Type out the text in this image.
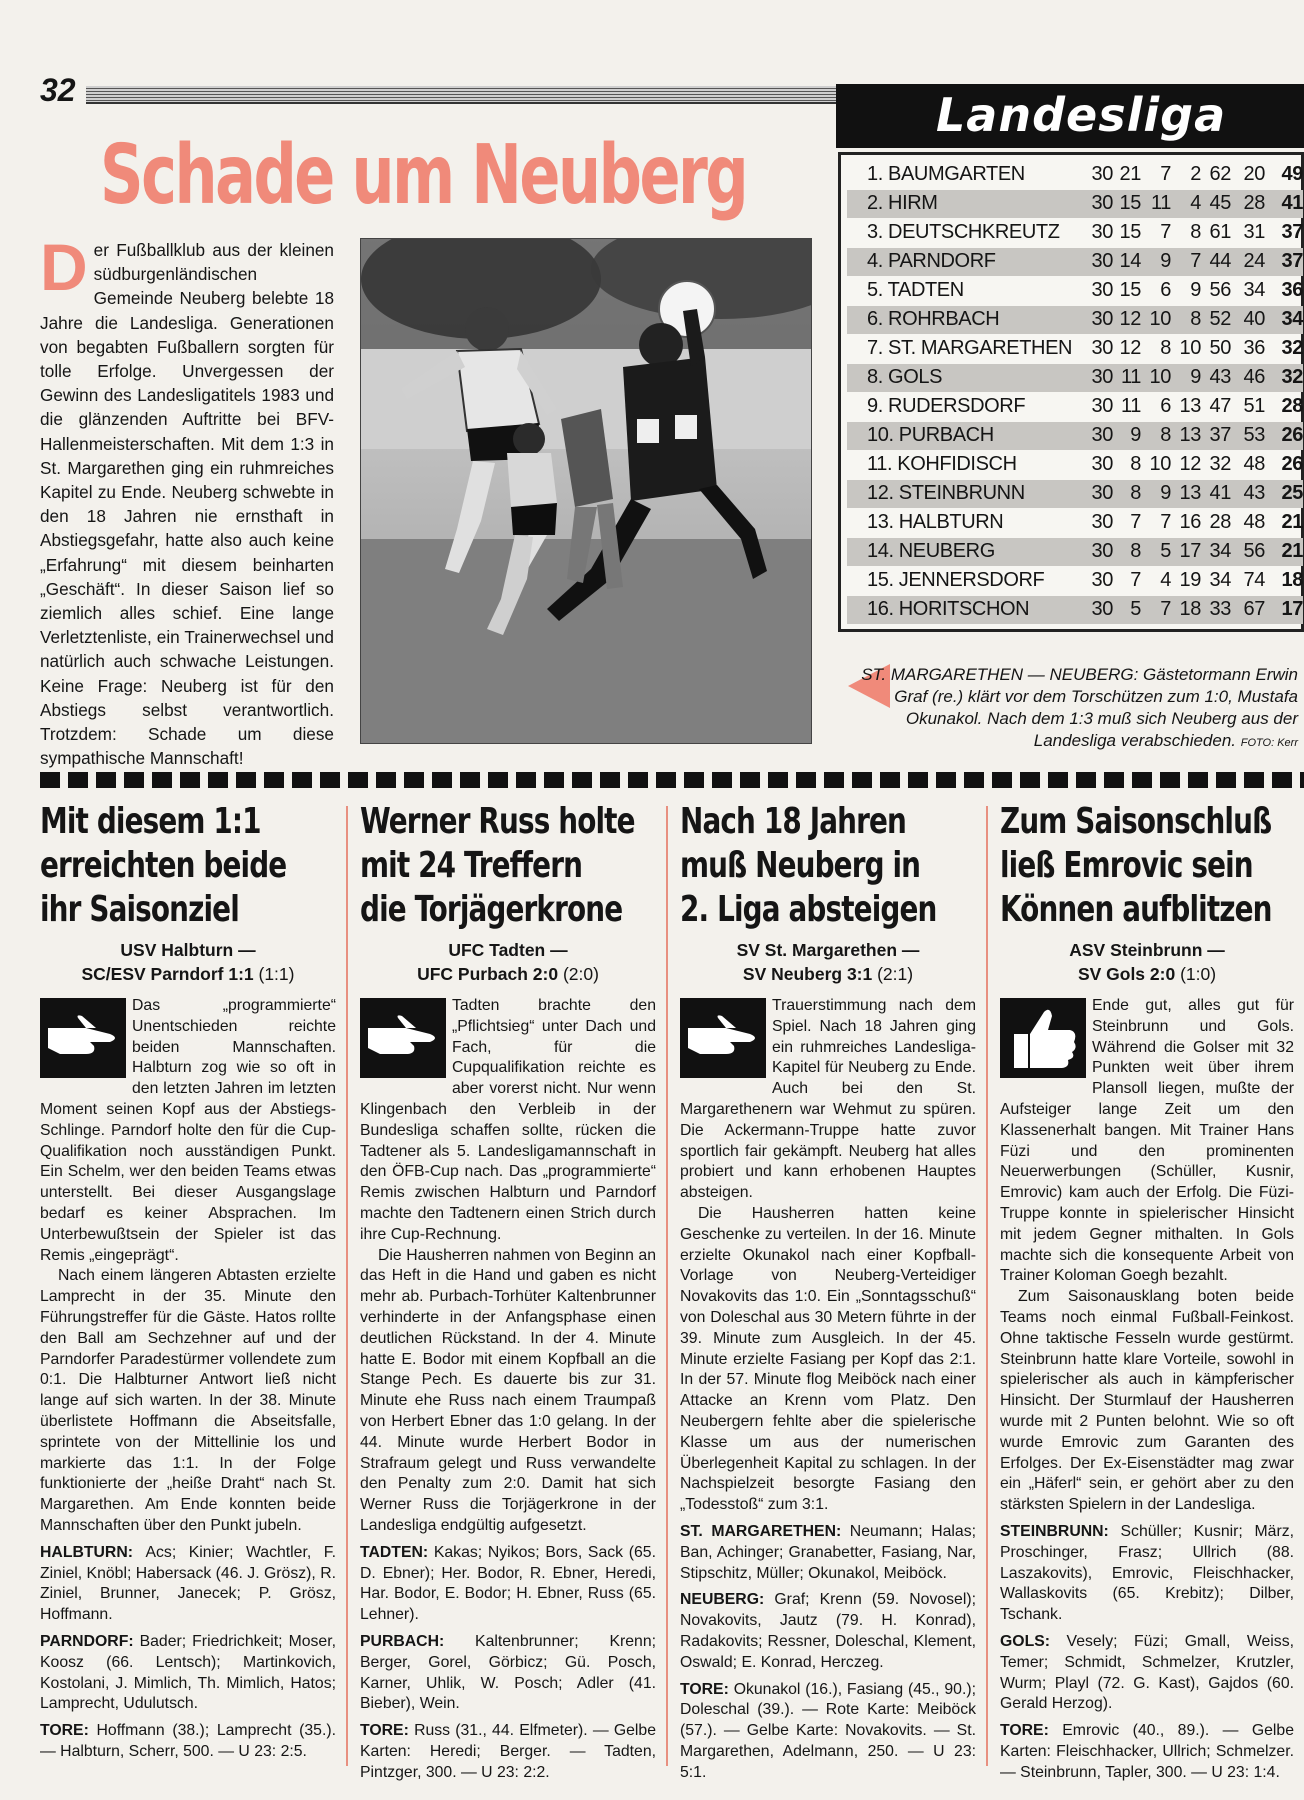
32	Landesliga
Schade um Neuberg
D er Fußballklub aus der kleinen südburgenländischen Gemeinde Neuberg belebte 18 Jahre die Landesliga. Generationen von begabten Fußballern sorgten für tolle Erfolge. Unvergessen der Gewinn des Landesligatitels 1983 und die glänzenden Auftritte bei BFV-Hallenmeisterschaften. Mit dem 1:3 in St. Margarethen ging ein ruhmreiches Kapitel zu Ende. Neuberg schwebte in den 18 Jahren nie ernsthaft in Abstiegsgefahr, hatte also auch keine „Erfahrung“ mit diesem beinharten „Geschäft“. In dieser Saison lief so ziemlich alles schief. Eine lange Verletztenliste, ein Trainerwechsel und natürlich auch schwache Leistungen. Keine Frage: Neuberg ist für den Abstiegs selbst verantwortlich. Trotzdem: Schade um diese sympathische Mannschaft!
1. BAUMGARTEN	30 21 7 2 62 20 49
2. HIRM	30 15 11 4 45 28 41
3. DEUTSCHKREUTZ 30 15 7 8 61 31 37
4. PARNDORF	30 14 9 7 44 24 37
5. TADTEN	30 15 6 9 56 34 36
6. ROHRBACH	30 12 10 8 52 40 34
7. ST. MARGARETHEN 30 12 8 10 50 36 32
8. GOLS	30 11 10 9 43 46 32
9. RUDERSDORF	30 11 6 13 47 51 28
10. PURBACH	30 9 8 13 37 53 26
11. KOHFIDISCH	30 8 10 12 32 48 26
12. STEINBRUNN	30 8 9 13 41 43 25
13. HALBTURN	30 7 7 16 28 48 21
14. NEUBERG	30 8 5 17 34 56 21
15. JENNERSDORF 30 7 4 19 34 74 18
16. HORITSCHON	30 5 7 18 33 67 17
ST. MARGARETHEN — NEUBERG: Gästetormann Erwin Graf (re.) klärt vor dem Torschützen zum 1:0, Mustafa Okunakol. Nach dem 1:3 muß sich Neuberg aus der Landesliga verabschieden. FOTO: Kerr
Mit diesem 1:1
erreichten beide
ihr Saisonziel
USV Halbturn —
SC/ESV Parndorf 1:1 (1:1)

Das „programmierte“ Unentschieden reichte beiden Mannschaften. Halbturn zog wie so oft in den letzten Jahren im letzten Moment seinen Kopf aus der Abstiegs-Schlinge. Parndorf holte den für die Cup-Qualifikation noch ausständigen Punkt. Ein Schelm, wer den beiden Teams etwas unterstellt. Bei dieser Ausgangslage bedarf es keiner Absprachen. Im Unterbewußtsein der Spieler ist das Remis „eingeprägt“.

Nach einem längeren Abtasten erzielte Lamprecht in der 35. Minute den Führungstreffer für die Gäste. Hatos rollte den Ball am Sechzehner auf und der Parndorfer Paradestürmer vollendete zum 0:1. Die Halbturner Antwort ließ nicht lange auf sich warten. In der 38. Minute überlistete Hoffmann die Abseitsfalle, sprintete von der Mittellinie los und markierte das 1:1. In der Folge funktionierte der „heiße Draht“ nach St. Margarethen. Am Ende konnten beide Mannschaften über den Punkt jubeln.

HALBTURN: Acs; Kinier; Wachtler, F. Ziniel, Knöbl; Habersack (46. J. Grösz), R. Ziniel, Brunner, Janecek; P. Grösz, Hoffmann.
PARNDORF: Bader; Friedrichkeit; Moser, Koosz (66. Lentsch); Martinkovich, Kostolani, J. Mimlich, Th. Mimlich, Hatos; Lamprecht, Udulutsch.
TORE: Hoffmann (38.); Lamprecht (35.). — Halbturn, Scherr, 500. — U 23: 2:5.
Werner Russ holte
mit 24 Treffern
die Torjägerkrone
UFC Tadten —
UFC Purbach 2:0 (2:0)

Tadten brachte den „Pflichtsieg“ unter Dach und Fach, für die Cupqualifikation reichte es aber vorerst nicht. Nur wenn Klingenbach den Verbleib in der Bundesliga schaffen sollte, rücken die Tadtener als 5. Landesligamannschaft in den ÖFB-Cup nach. Das „programmierte“ Remis zwischen Halbturn und Parndorf machte den Tadtenern einen Strich durch ihre Cup-Rechnung.

Die Hausherren nahmen von Beginn an das Heft in die Hand und gaben es nicht mehr ab. Purbach-Torhüter Kaltenbrunner verhinderte in der Anfangsphase einen deutlichen Rückstand. In der 4. Minute hatte E. Bodor mit einem Kopfball an die Stange Pech. Es dauerte bis zur 31. Minute ehe Russ nach einem Traumpaß von Herbert Ebner das 1:0 gelang. In der 44. Minute wurde Herbert Bodor in Strafraum gelegt und Russ verwandelte den Penalty zum 2:0. Damit hat sich Werner Russ die Torjägerkrone in der Landesliga endgültig aufgesetzt.

TADTEN: Kakas; Nyikos; Bors, Sack (65. D. Ebner); Her. Bodor, R. Ebner, Heredi, Har. Bodor, E. Bodor; H. Ebner, Russ (65. Lehner).
PURBACH: Kaltenbrunner; Krenn; Berger, Gorel, Görbicz; Gü. Posch, Karner, Uhlik, W. Posch; Adler (41. Bieber), Wein.
TORE: Russ (31., 44. Elfmeter). — Gelbe Karten: Heredi; Berger. — Tadten, Pintzger, 300. — U 23: 2:2.
Nach 18 Jahren
muß Neuberg in
2. Liga absteigen
SV St. Margarethen —
SV Neuberg 3:1 (2:1)

Trauerstimmung nach dem Spiel. Nach 18 Jahren ging ein ruhmreiches Landesliga-Kapitel für Neuberg zu Ende. Auch bei den St. Margarethenern war Wehmut zu spüren. Die Ackermann-Truppe hatte zuvor sportlich fair gekämpft. Neuberg hat alles probiert und kann erhobenen Hauptes absteigen.

Die Hausherren hatten keine Geschenke zu verteilen. In der 16. Minute erzielte Okunakol nach einer Kopfball-Vorlage von Neuberg-Verteidiger Novakovits das 1:0. Ein „Sonntagsschuß“ von Doleschal aus 30 Metern führte in der 39. Minute zum Ausgleich. In der 45. Minute erzielte Fasiang per Kopf das 2:1. In der 57. Minute flog Meiböck nach einer Attacke an Krenn vom Platz. Den Neubergern fehlte aber die spielerische Klasse um aus der numerischen Überlegenheit Kapital zu schlagen. In der Nachspielzeit besorgte Fasiang den „Todesstoß“ zum 3:1.

ST. MARGARETHEN: Neumann; Halas; Ban, Achinger; Granabetter, Fasiang, Nar, Stipschitz, Müller; Okunakol, Meiböck.
NEUBERG: Graf; Krenn (59. Novosel); Novakovits, Jautz (79. H. Konrad), Radakovits; Ressner, Doleschal, Klement, Oswald; E. Konrad, Herczeg.
TORE: Okunakol (16.), Fasiang (45., 90.); Doleschal (39.). — Rote Karte: Meiböck (57.). — Gelbe Karte: Novakovits. — St. Margarethen, Adelmann, 250. — U 23: 5:1.
Zum Saisonschluß
ließ Emrovic sein
Können aufblitzen
ASV Steinbrunn —
SV Gols 2:0 (1:0)

Ende gut, alles gut für Steinbrunn und Gols. Während die Golser mit 32 Punkten weit über ihrem Plansoll liegen, mußte der Aufsteiger lange Zeit um den Klassenerhalt bangen. Mit Trainer Hans Füzi und den prominenten Neuerwerbungen (Schüller, Kusnir, Emrovic) kam auch der Erfolg. Die Füzi-Truppe konnte in spielerischer Hinsicht mit jedem Gegner mithalten. In Gols machte sich die konsequente Arbeit von Trainer Koloman Goegh bezahlt.

Zum Saisonausklang boten beide Teams noch einmal Fußball-Feinkost. Ohne taktische Fesseln wurde gestürmt. Steinbrunn hatte klare Vorteile, sowohl in spielerischer als auch in kämpferischer Hinsicht. Der Sturmlauf der Hausherren wurde mit 2 Punten belohnt. Wie so oft wurde Emrovic zum Garanten des Erfolges. Der Ex-Eisenstädter mag zwar ein „Häferl“ sein, er gehört aber zu den stärksten Spielern in der Landesliga.

STEINBRUNN: Schüller; Kusnir; März, Proschinger, Frasz; Ullrich (88. Laszakovits), Emrovic, Fleischhacker, Wallaskovits (65. Krebitz); Dilber, Tschank.
GOLS: Vesely; Füzi; Gmall, Weiss, Temer; Schmidt, Schmelzer, Krutzler, Wurm; Playl (72. G. Kast), Gajdos (60. Gerald Herzog).
TORE: Emrovic (40., 89.). — Gelbe Karten: Fleischhacker, Ullrich; Schmelzer. — Steinbrunn, Tapler, 300. — U 23: 1:4.
